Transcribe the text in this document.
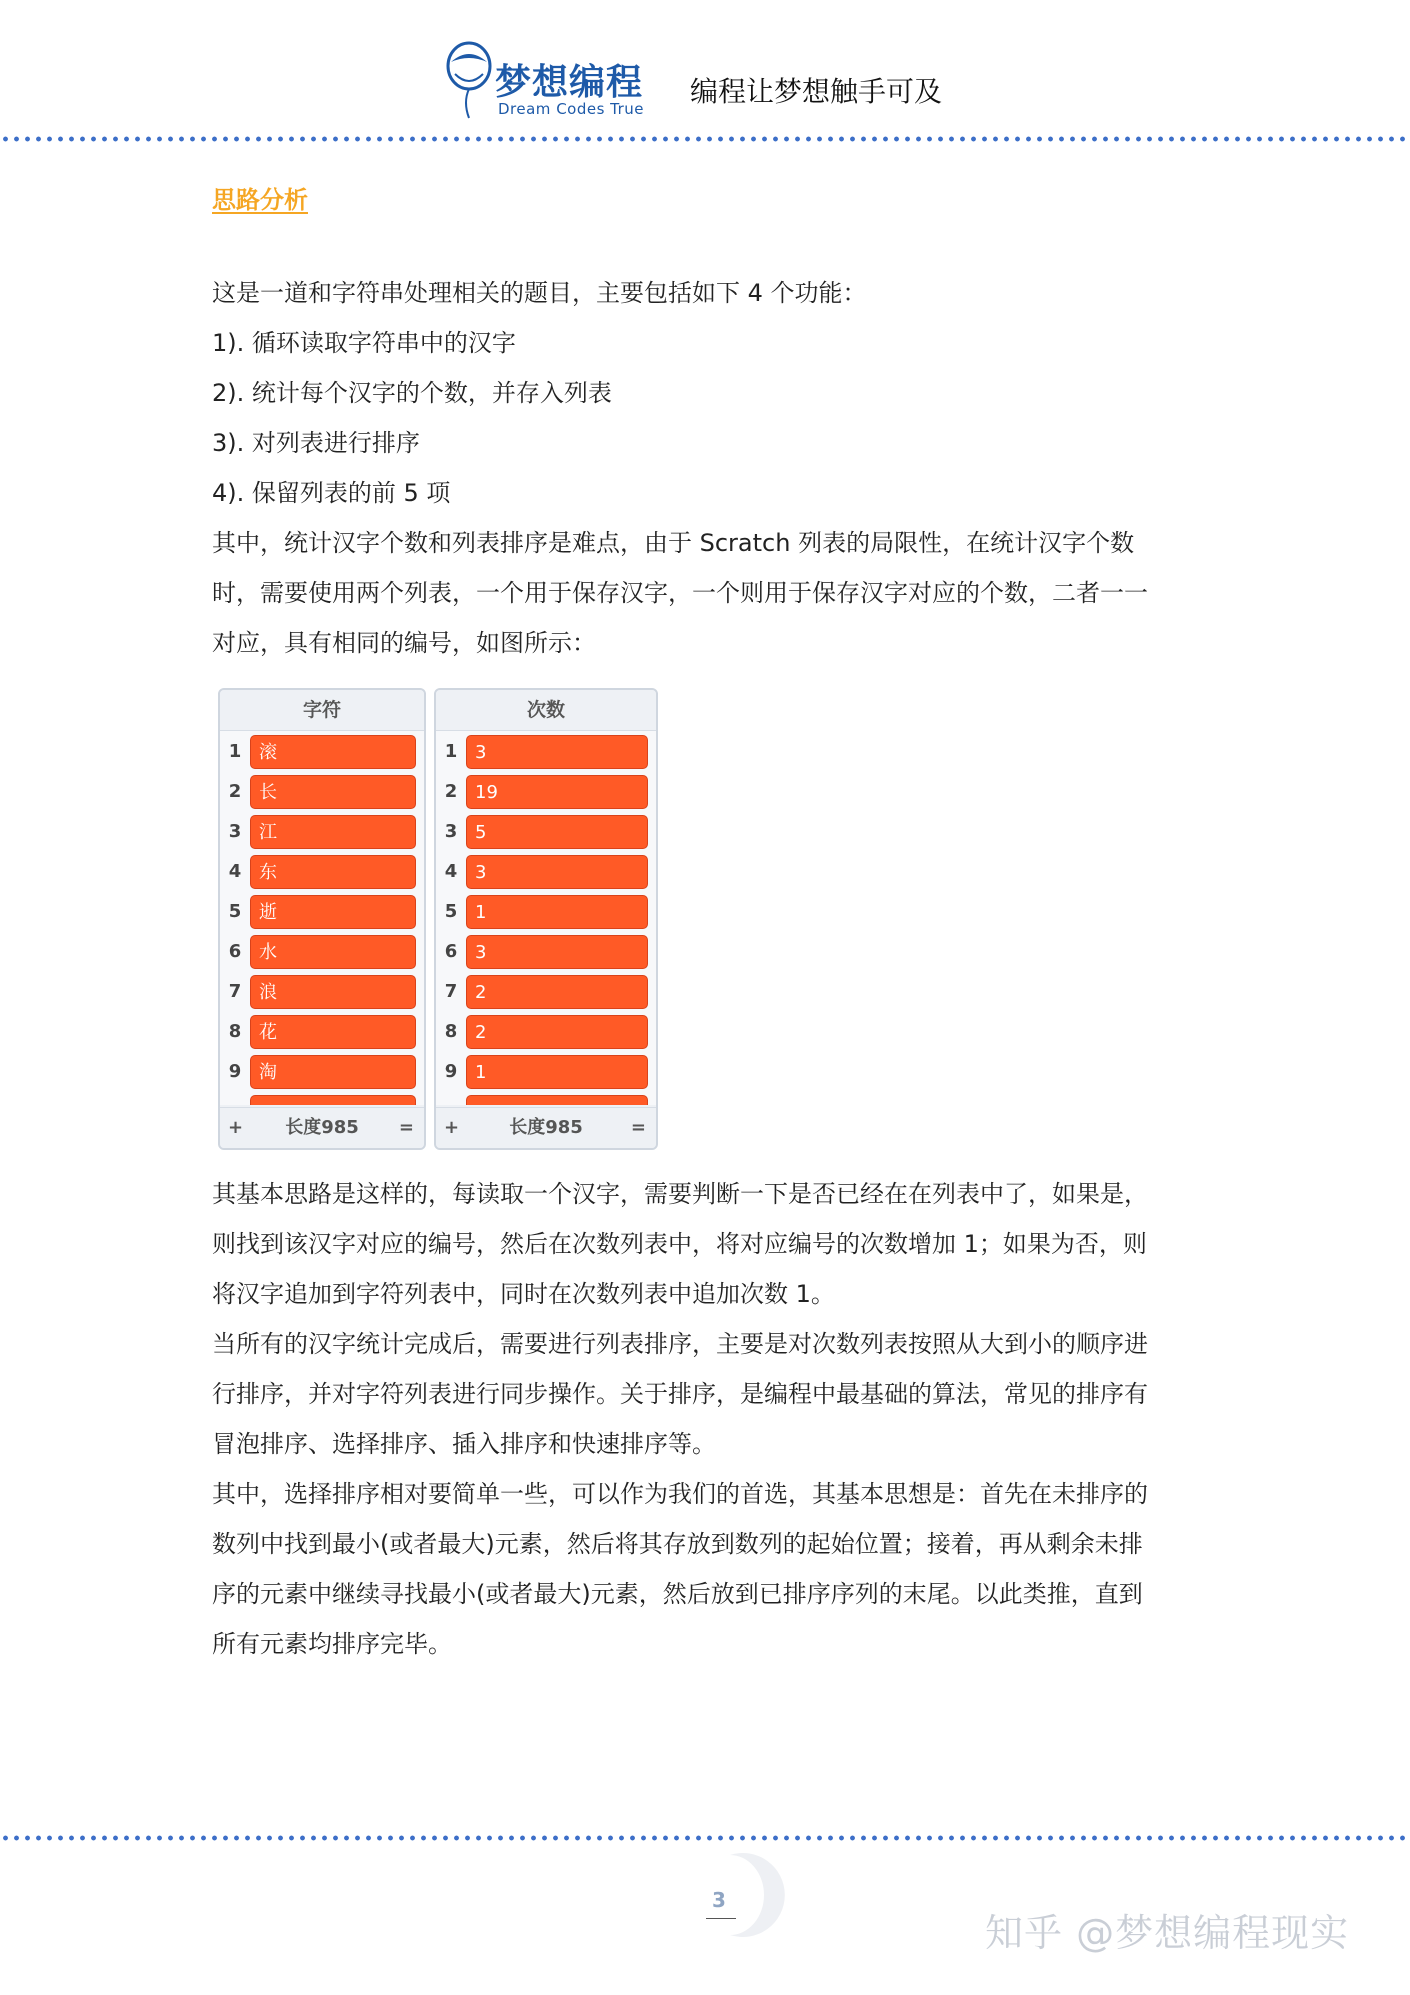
梦想编程
Dream Codes True
编程让梦想触手可及
思路分析

这是一道和字符串处理相关的题目，主要包括如下 4 个功能：

1). 循环读取字符串中的汉字

2). 统计每个汉字的个数，并存入列表

3). 对列表进行排序

4). 保留列表的前 5 项

其中，统计汉字个数和列表排序是难点，由于 Scratch 列表的局限性，在统计汉字个数

时，需要使用两个列表，一个用于保存汉字，一个则用于保存汉字对应的个数，二者一一

对应，具有相同的编号，如图所示：

字符
1 滚
2 长
3 江
4 东
5 逝
6 水
7 浪
8 花
9 淘
+	长度985	=
次数
1 3
2 19
3 5
4 3
5 1
6 3
7 2
8 2
9 1
+	长度985	=

其基本思路是这样的，每读取一个汉字，需要判断一下是否已经在在列表中了，如果是，

则找到该汉字对应的编号，然后在次数列表中，将对应编号的次数增加 1；如果为否，则

将汉字追加到字符列表中，同时在次数列表中追加次数 1。

当所有的汉字统计完成后，需要进行列表排序，主要是对次数列表按照从大到小的顺序进

行排序，并对字符列表进行同步操作。关于排序，是编程中最基础的算法，常见的排序有

冒泡排序、选择排序、插入排序和快速排序等。

其中，选择排序相对要简单一些，可以作为我们的首选，其基本思想是：首先在未排序的

数列中找到最小(或者最大)元素，然后将其存放到数列的起始位置；接着，再从剩余未排

序的元素中继续寻找最小(或者最大)元素，然后放到已排序序列的末尾。以此类推，直到

所有元素均排序完毕。

3
知乎 @梦想编程现实
